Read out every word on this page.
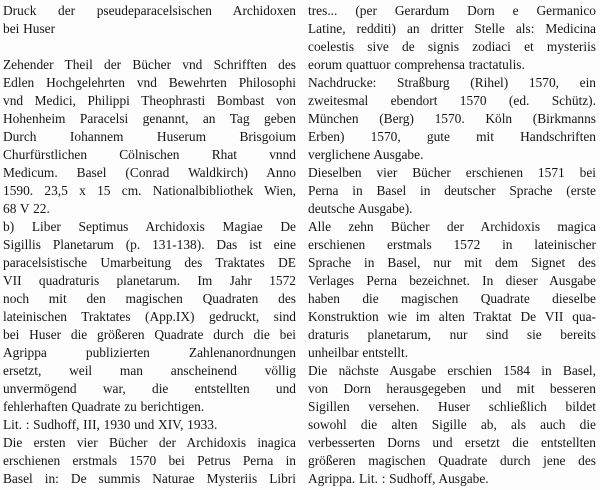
Druck der pseudeparacelsischen Archidoxen
bei Huser
Zehender Theil der Bücher vnd Schrifften des
Edlen Hochgelehrten vnd Bewehrten Philosophi
vnd Medici, Philippi Theophrasti Bombast von
Hohenheim Paracelsi genannt, an Tag geben
Durch Iohannem Huserum Brisgoium
Churfürstlichen Cölnischen Rhat vnnd
Medicum. Basel (Conrad Waldkirch) Anno
1590. 23,5 x 15 cm. Nationalbibliothek Wien,
68 V 22.
b) Liber Septimus Archidoxis Magiae De
Sigillis Planetarum (p. 131-138). Das ist eine
paracelsistische Umarbeitung des Traktates DE
VII quadraturis planetarum. Im Jahr 1572
noch mit den magischen Quadraten des
lateinischen Traktates (App.IX) gedruckt, sind
bei Huser die größeren Quadrate durch die bei
Agrippa publizierten Zahlenanordnungen
ersetzt, weil man anscheinend völlig
unvermögend war, die entstellten und
fehlerhaften Quadrate zu berichtigen.
Lit. : Sudhoff, III, 1930 und XIV, 1933.
Die ersten vier Bücher der Archidoxis inagica
erschienen erstmals 1570 bei Petrus Perna in
Basel in: De summis Naturae Mysteriis Libri
tres... (per Gerardum Dorn e Germanico
Latine, redditi) an dritter Stelle als: Medicina
coelestis sive de signis zodiaci et mysteriis
eorum quattuor comprehensa tractatulis.
Nachdrucke: Straßburg (Rihel) 1570, ein
zweitesmal ebendort 1570 (ed. Schütz).
München (Berg) 1570. Köln (Birkmanns
Erben) 1570, gute mit Handschriften
verglichene Ausgabe.
Dieselben vier Bücher erschienen 1571 bei
Perna in Basel in deutscher Sprache (erste
deutsche Ausgabe).
Alle zehn Bücher der Archidoxis magica
erschienen erstmals 1572 in lateinischer
Sprache in Basel, nur mit dem Signet des
Verlages Perna bezeichnet. In dieser Ausgabe
haben die magischen Quadrate dieselbe
Konstruktion wie im alten Traktat De VII qua-
draturis planetarum, nur sind sie bereits
unheilbar entstellt.
Die nächste Ausgabe erschien 1584 in Basel,
von Dorn herausgegeben und mit besseren
Sigillen versehen. Huser schließlich bildet
sowohl die alten Sigille ab, als auch die
verbesserten Dorns und ersetzt die entstellten
größeren magischen Quadrate durch jene des
Agrippa. Lit. : Sudhoff, Ausgabe.
